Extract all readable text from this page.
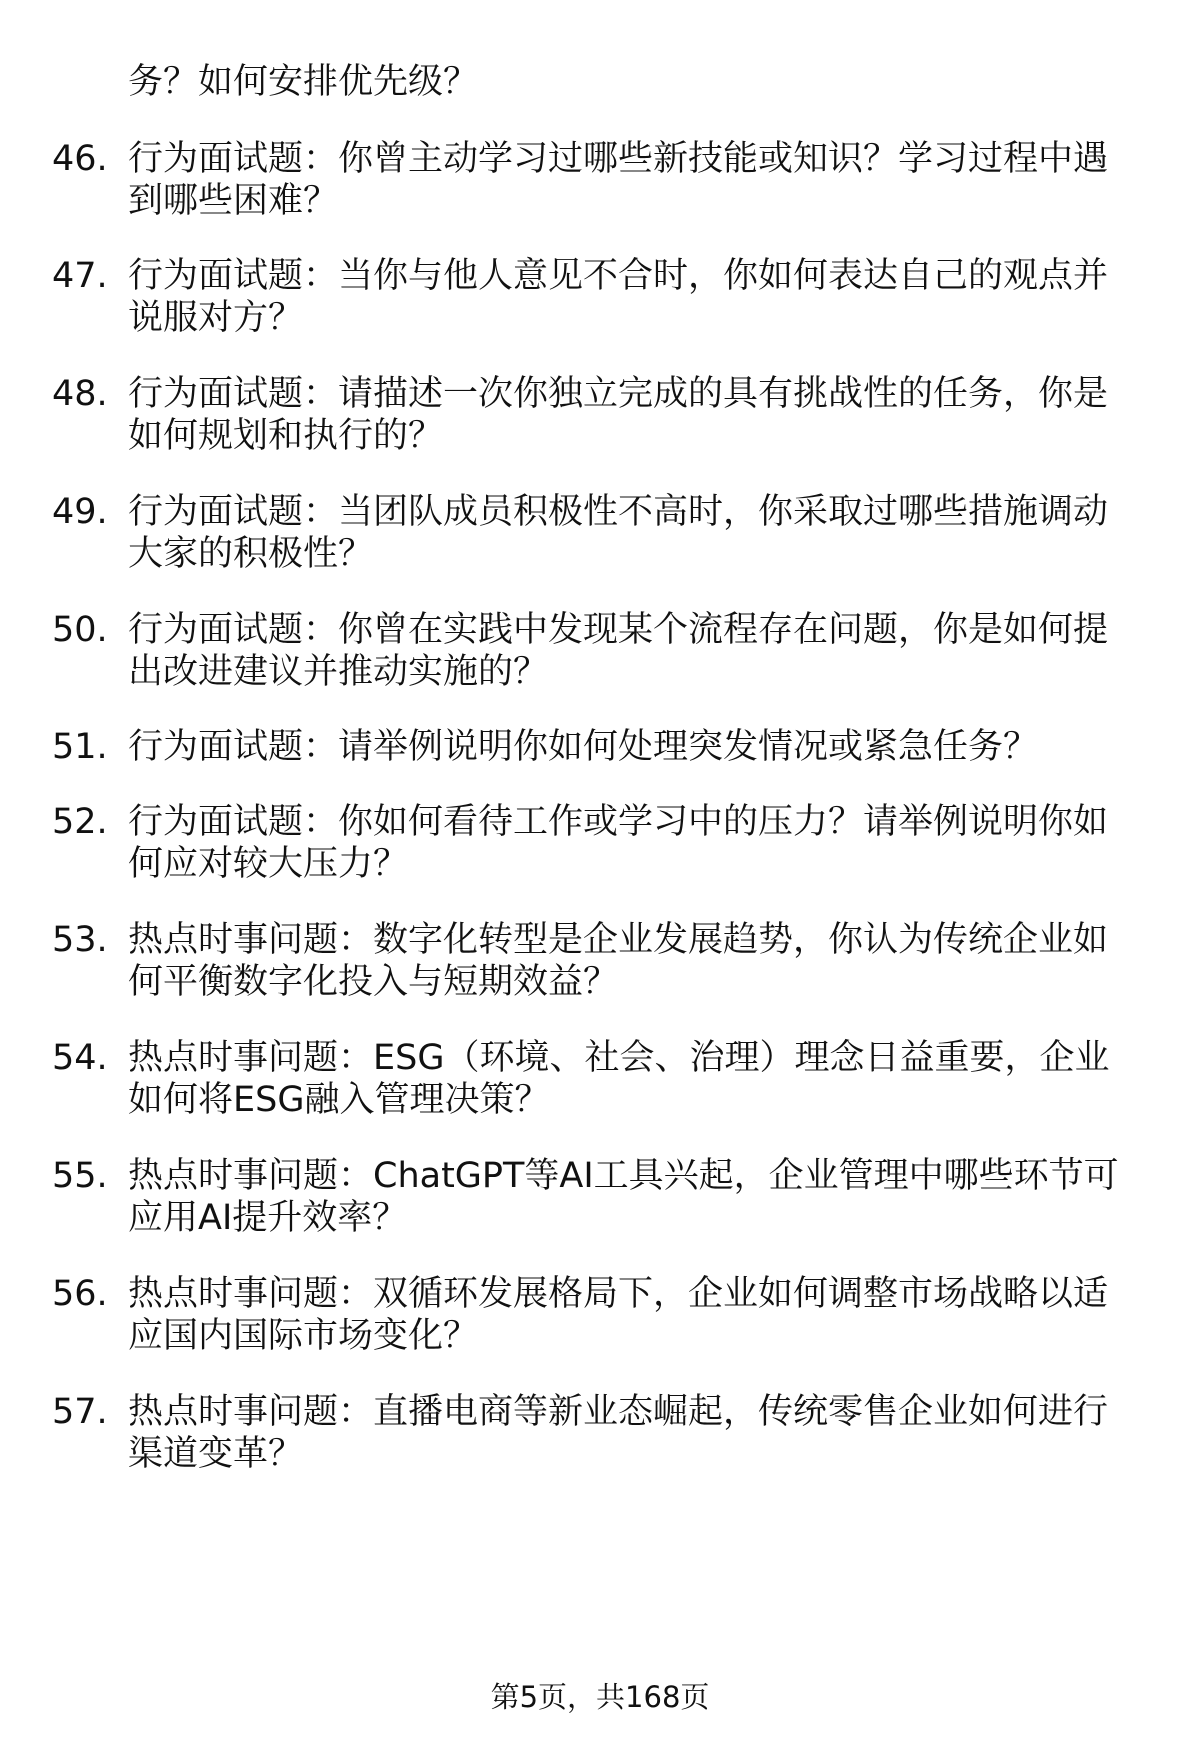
务？如何安排优先级？
46. 行为面试题：你曾主动学习过哪些新技能或知识？学习过程中遇
到哪些困难？
47. 行为面试题：当你与他人意见不合时，你如何表达自己的观点并
说服对方？
48. 行为面试题：请描述一次你独立完成的具有挑战性的任务，你是
如何规划和执行的？
49. 行为面试题：当团队成员积极性不高时，你采取过哪些措施调动
大家的积极性？
50. 行为面试题：你曾在实践中发现某个流程存在问题，你是如何提
出改进建议并推动实施的？
51. 行为面试题：请举例说明你如何处理突发情况或紧急任务？
52. 行为面试题：你如何看待工作或学习中的压力？请举例说明你如
何应对较大压力？
53. 热点时事问题：数字化转型是企业发展趋势，你认为传统企业如
何平衡数字化投入与短期效益？
54. 热点时事问题：ESG（环境、社会、治理）理念日益重要，企业
如何将ESG融入管理决策？
55. 热点时事问题：ChatGPT等AI工具兴起，企业管理中哪些环节可
应用AI提升效率？
56. 热点时事问题：双循环发展格局下，企业如何调整市场战略以适
应国内国际市场变化？
57. 热点时事问题：直播电商等新业态崛起，传统零售企业如何进行
渠道变革？
第5页，共168页
